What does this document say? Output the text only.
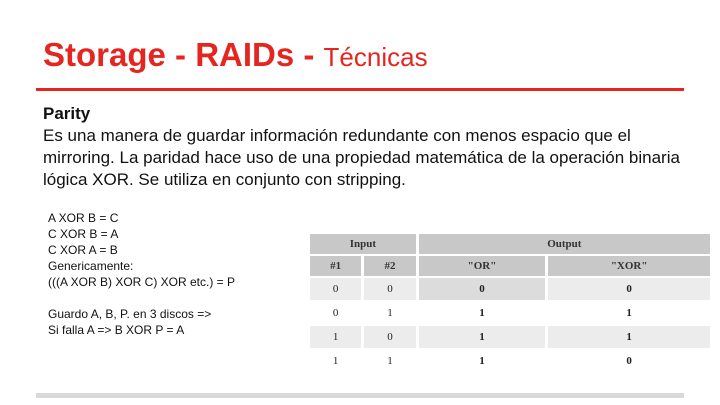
Storage - RAIDs - Técnicas
Parity
Es una manera de guardar información redundante con menos espacio que el mirroring. La paridad hace uso de una propiedad matemática de la operación binaria lógica XOR. Se utiliza en conjunto con stripping.
A XOR B = C
C XOR B = A
C XOR A = B
Genericamente:
(((A XOR B) XOR C) XOR etc.) = P
Guardo A, B, P. en 3 discos =>
Si falla A => B XOR P = A
Input		Output	
#1	#2	"OR"	"XOR"
0	0	0	0
0	1	1	1
1	0	1	1
1	1	1	0
